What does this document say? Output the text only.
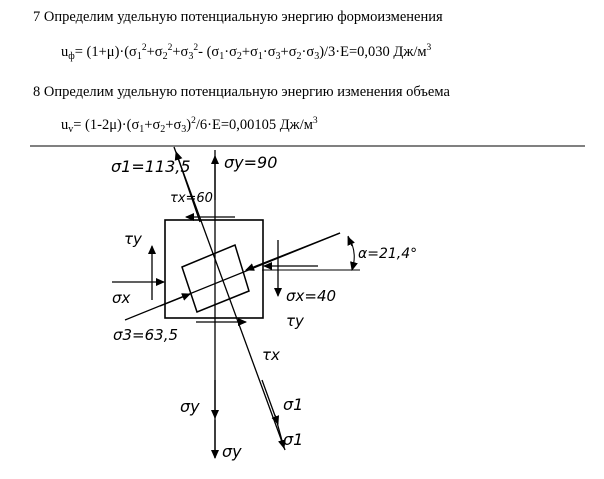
7 Определим удельную потенциальную энергию формоизменения
$u_ф= (1+\mu)\cdot(\sigma_1^2+\sigma_2^2+\sigma_3^2-$ $(\sigma_1\cdot\sigma_2+\sigma_1\cdot\sigma_3+\sigma_2\cdot\sigma_3)/3\cdot E=0,030$ $Дж/м^3$
8 Определим удельную потенциальную энергию изменения объема
$u_v= (1-2\mu)\cdot(\sigma_1+\sigma_2+\sigma_3)^2/6\cdot E=0,00105$ $Дж/м^3$
σ1=113,5 σy=90
τx=60
τy
α=21,4°
σx	σx=40
τy
σ3=63,5
τx
σy	σ1
σy
σ1
